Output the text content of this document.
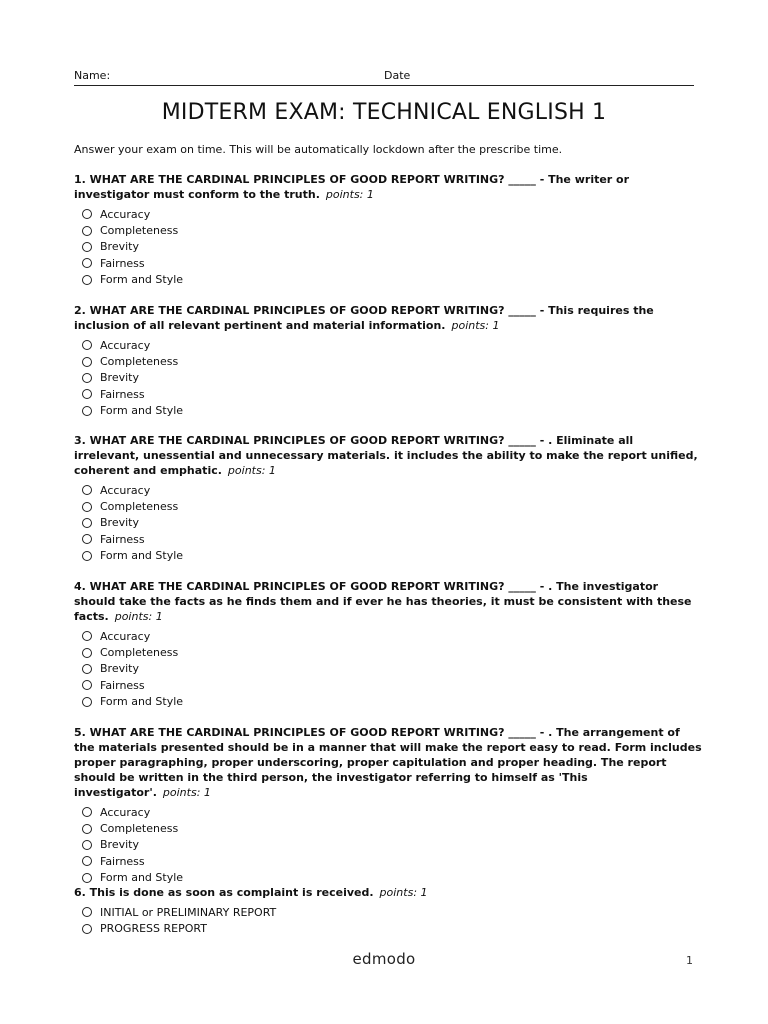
Name:	Date
MIDTERM EXAM: TECHNICAL ENGLISH 1
Answer your exam on time. This will be automatically lockdown after the prescribe time.

1. WHAT ARE THE CARDINAL PRINCIPLES OF GOOD REPORT WRITING? _____ - The writer or investigator must conform to the truth. points: 1

Accuracy
Completeness
Brevity
Fairness
Form and Style

2. WHAT ARE THE CARDINAL PRINCIPLES OF GOOD REPORT WRITING? _____ - This requires the inclusion of all relevant pertinent and material information. points: 1

Accuracy
Completeness
Brevity
Fairness
Form and Style

3. WHAT ARE THE CARDINAL PRINCIPLES OF GOOD REPORT WRITING? _____ - . Eliminate all irrelevant, unessential and unnecessary materials. it includes the ability to make the report unified, coherent and emphatic. points: 1

Accuracy
Completeness
Brevity
Fairness
Form and Style

4. WHAT ARE THE CARDINAL PRINCIPLES OF GOOD REPORT WRITING? _____ - . The investigator should take the facts as he finds them and if ever he has theories, it must be consistent with these facts. points: 1

Accuracy
Completeness
Brevity
Fairness
Form and Style

5. WHAT ARE THE CARDINAL PRINCIPLES OF GOOD REPORT WRITING? _____ - . The arrangement of the materials presented should be in a manner that will make the report easy to read. Form includes proper paragraphing, proper underscoring, proper capitulation and proper heading. The report should be written in the third person, the investigator referring to himself as 'This investigator'. points: 1

Accuracy
Completeness
Brevity
Fairness
Form and Style

6. This is done as soon as complaint is received. points: 1

INITIAL or PRELIMINARY REPORT
PROGRESS REPORT
edmodo	1
